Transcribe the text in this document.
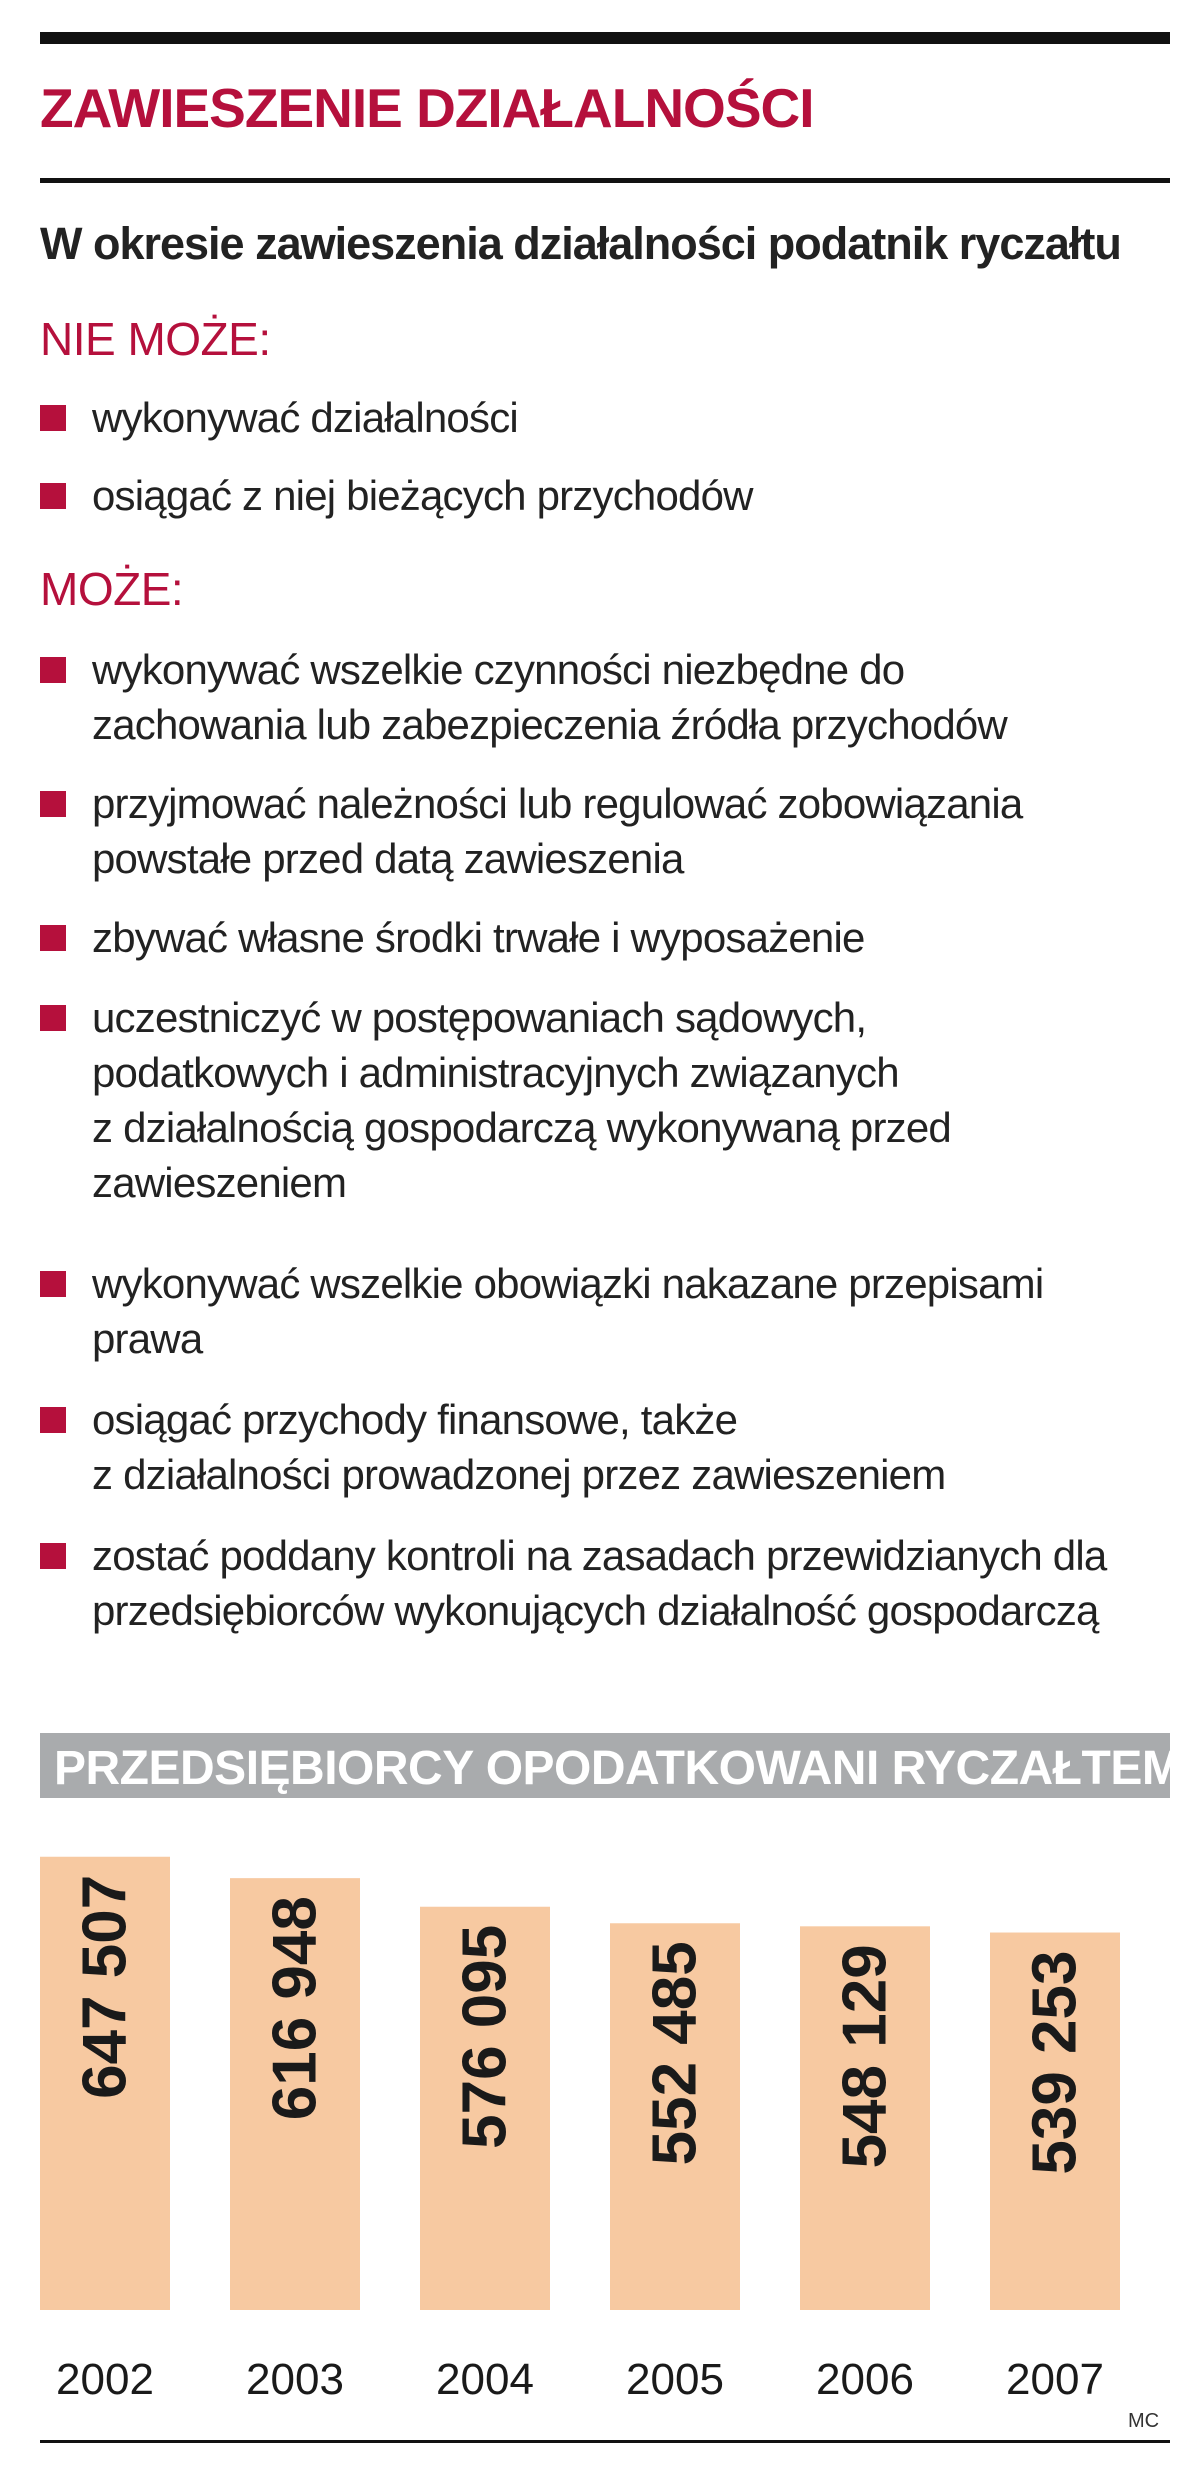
ZAWIESZENIE DZIAŁALNOŚCI
W okresie zawieszenia działalności podatnik ryczałtu
NIE MOŻE:
wykonywać działalności
osiągać z niej bieżących przychodów
MOŻE:
wykonywać wszelkie czynności niezbędne do
zachowania lub zabezpieczenia źródła przychodów
przyjmować należności lub regulować zobowiązania
powstałe przed datą zawieszenia
zbywać własne środki trwałe i wyposażenie
uczestniczyć w postępowaniach sądowych,
podatkowych i administracyjnych związanych
z działalnością gospodarczą wykonywaną przed
zawieszeniem
wykonywać wszelkie obowiązki nakazane przepisami
prawa
osiągać przychody finansowe, także
z działalności prowadzonej przez zawieszeniem
zostać poddany kontroli na zasadach przewidzianych dla
przedsiębiorców wykonujących działalność gospodarczą
PRZEDSIĘBIORCY OPODATKOWANI RYCZAŁTEM
647 507
2002
616 948
2003
576 095
2004
552 485
2005
548 129
2006
539 253
2007
MC
